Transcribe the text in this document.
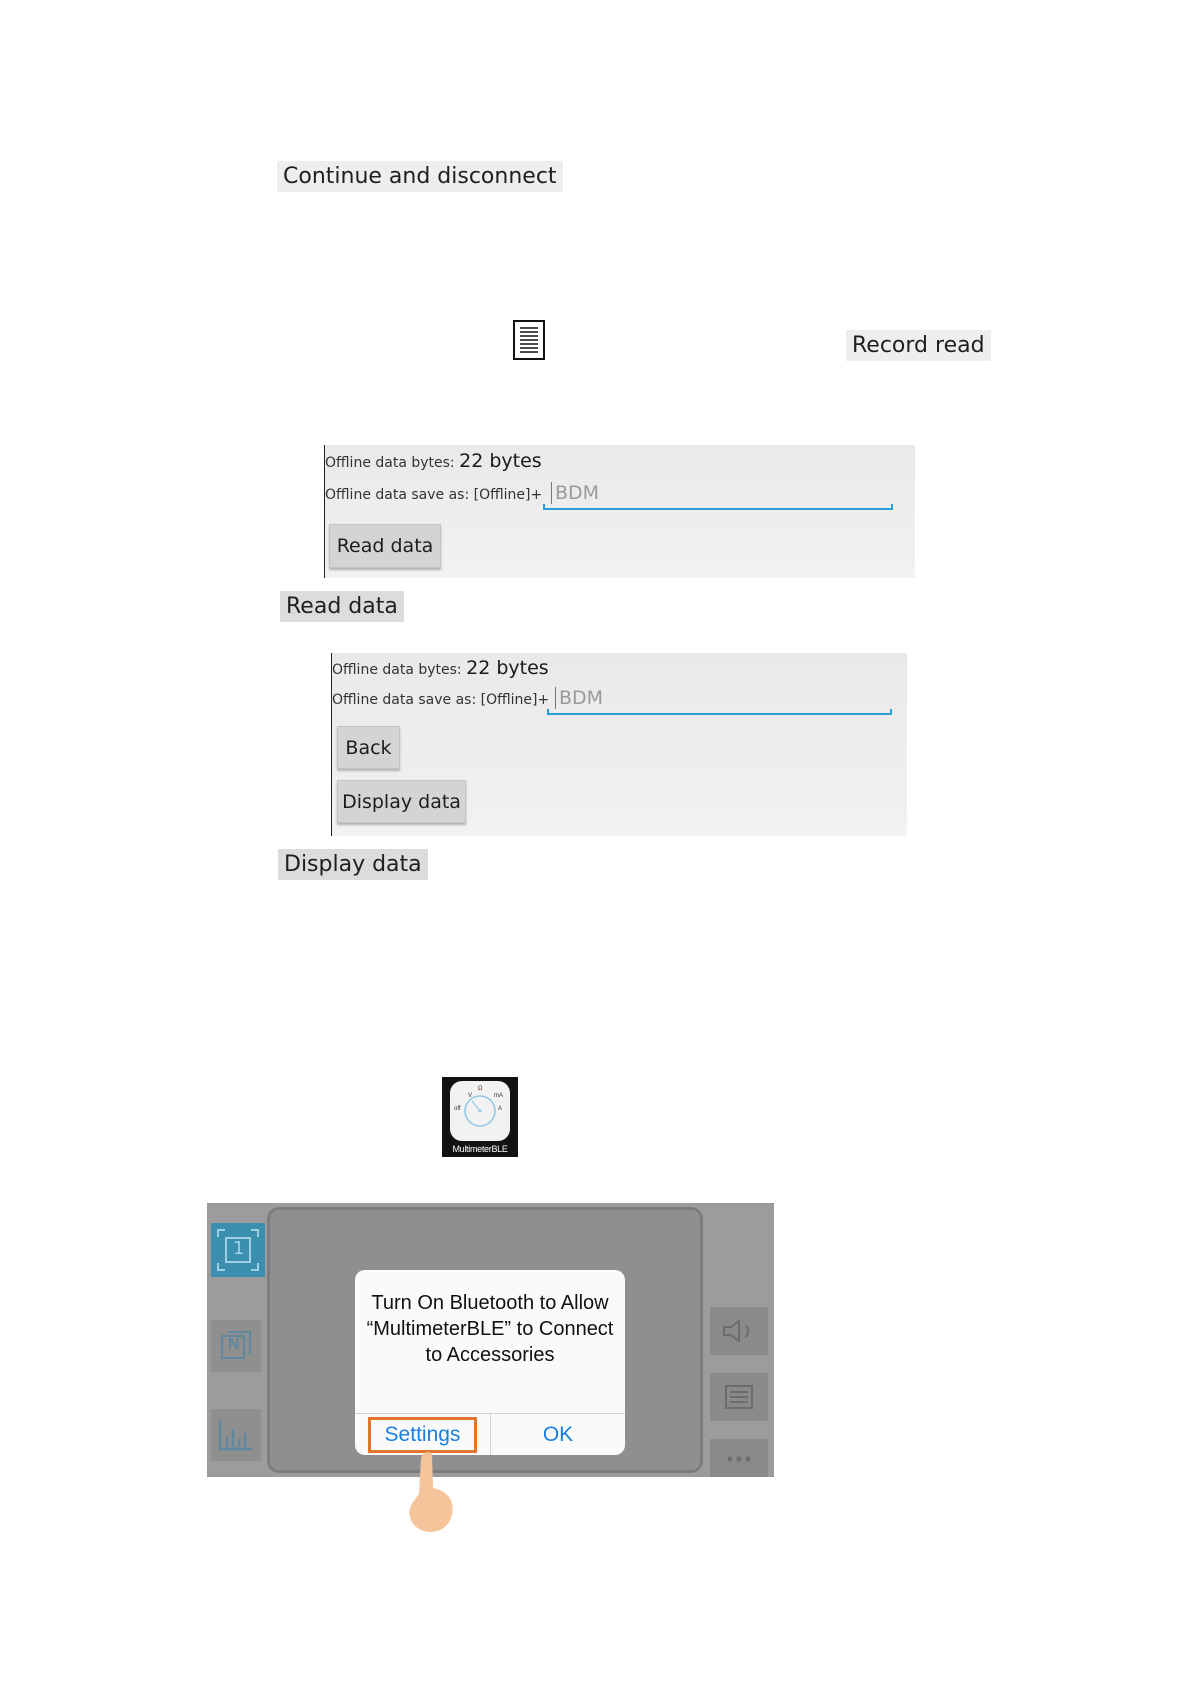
Continue and disconnect
Record read
Offline data bytes: 22 bytes
Offline data save as: [Offline]+ BDM
Read data
Read data
Offline data bytes: 22 bytes
Offline data save as: [Offline]+ BDM
Back
Display data
Display data
V
Ω
mA
off	A
MultimeterBLE
1
N
Turn On Bluetooth to Allow “MultimeterBLE” to Connect to Accessories
Settings	OK
